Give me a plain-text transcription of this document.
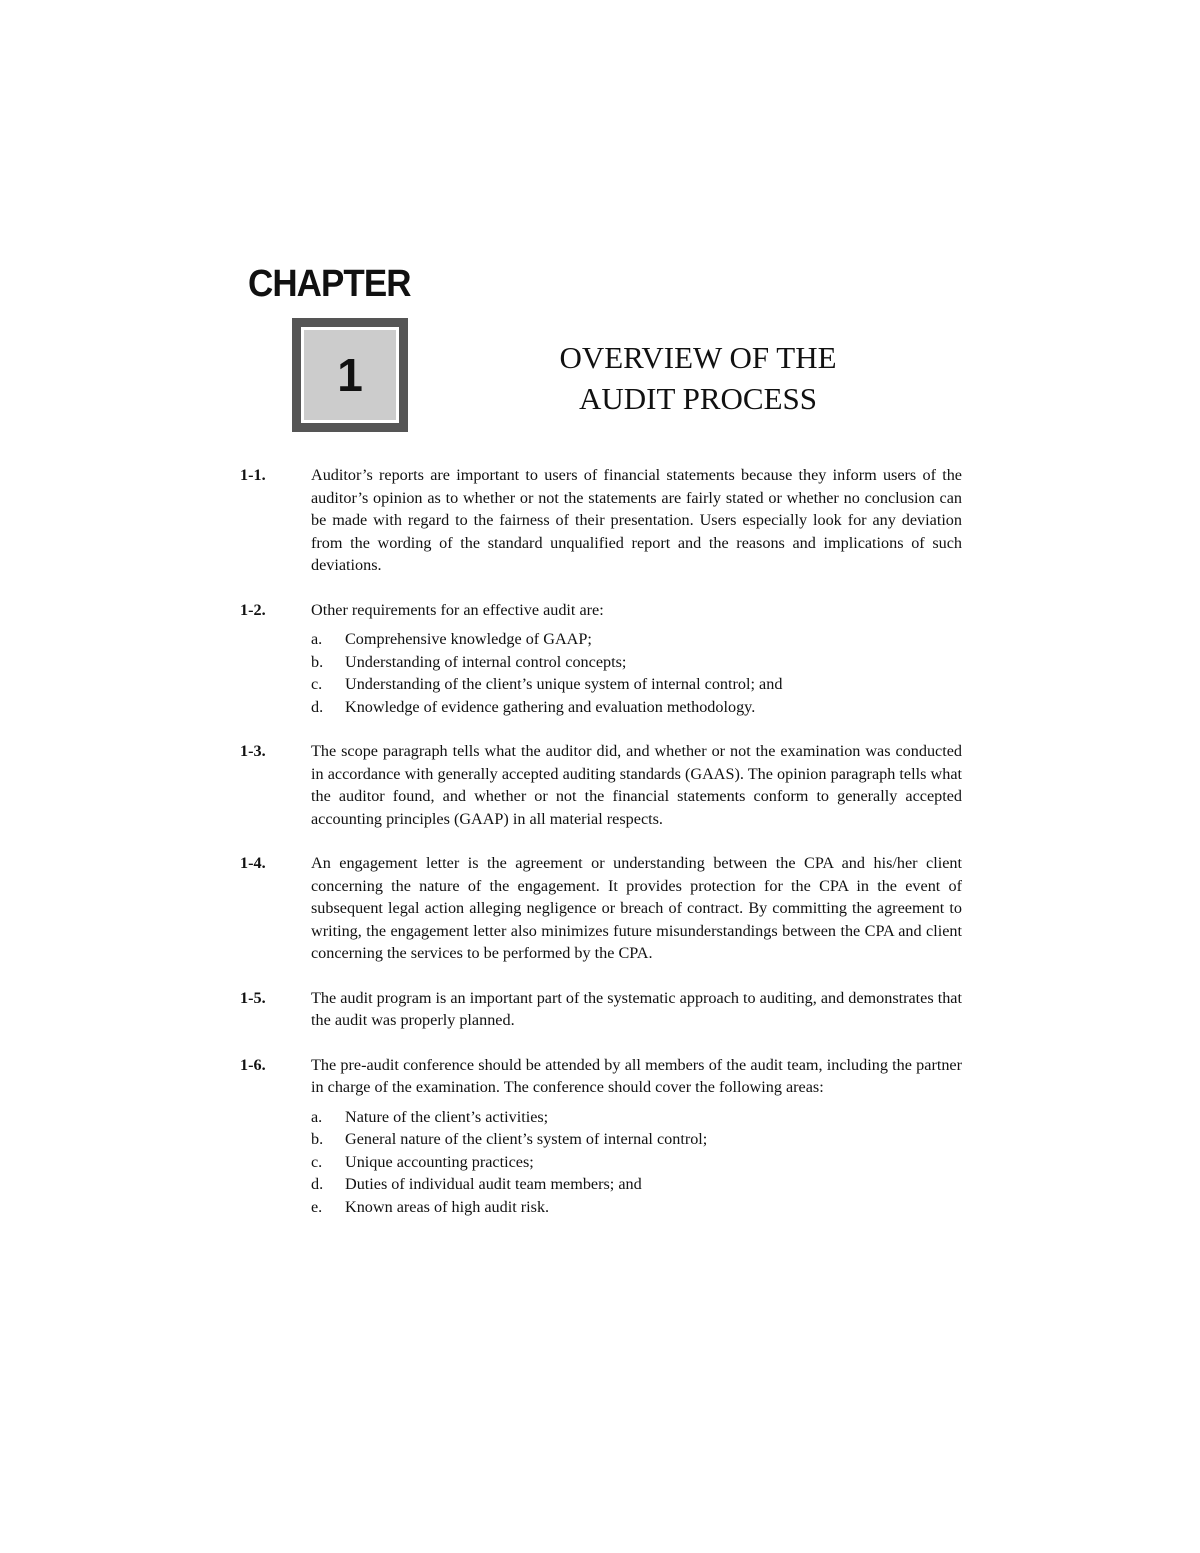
CHAPTER
1	OVERVIEW OF THE
AUDIT PROCESS
1-1.	Auditor’s reports are important to users of financial statements because they inform users of the auditor’s opinion as to whether or not the statements are fairly stated or whether no conclusion can be made with regard to the fairness of their presentation. Users especially look for any deviation from the wording of the standard unqualified report and the reasons and implications of such deviations.
1-2.	Other requirements for an effective audit are:
a. Comprehensive knowledge of GAAP;
b. Understanding of internal control concepts;
c. Understanding of the client’s unique system of internal control; and
d. Knowledge of evidence gathering and evaluation methodology.
1-3.	The scope paragraph tells what the auditor did, and whether or not the examination was conducted in accordance with generally accepted auditing standards (GAAS). The opinion paragraph tells what the auditor found, and whether or not the financial statements conform to generally accepted accounting principles (GAAP) in all material respects.
1-4.	An engagement letter is the agreement or understanding between the CPA and his/her client concerning the nature of the engagement. It provides protection for the CPA in the event of subsequent legal action alleging negligence or breach of contract. By committing the agreement to writing, the engagement letter also minimizes future misunderstandings between the CPA and client concerning the services to be performed by the CPA.
1-5.	The audit program is an important part of the systematic approach to auditing, and demonstrates that the audit was properly planned.
1-6.	The pre-audit conference should be attended by all members of the audit team, including the partner in charge of the examination. The conference should cover the following areas:
a. Nature of the client’s activities;
b. General nature of the client’s system of internal control;
c. Unique accounting practices;
d. Duties of individual audit team members; and
e. Known areas of high audit risk.
